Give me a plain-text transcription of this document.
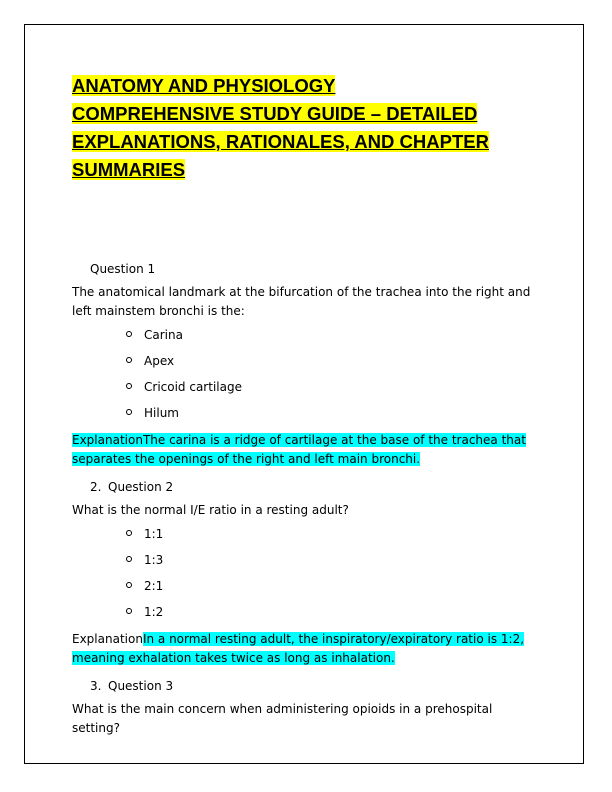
ANATOMY AND PHYSIOLOGY
COMPREHENSIVE STUDY GUIDE – DETAILED
EXPLANATIONS, RATIONALES, AND CHAPTER
SUMMARIES
Question 1
The anatomical landmark at the bifurcation of the trachea into the right and left mainstem bronchi is the:
Carina
Apex
Cricoid cartilage
Hilum
ExplanationThe carina is a ridge of cartilage at the base of the trachea that separates the openings of the right and left main bronchi.
2. Question 2
What is the normal I/E ratio in a resting adult?
1:1
1:3
2:1
1:2
ExplanationIn a normal resting adult, the inspiratory/expiratory ratio is 1:2, meaning exhalation takes twice as long as inhalation.
3. Question 3
What is the main concern when administering opioids in a prehospital setting?
